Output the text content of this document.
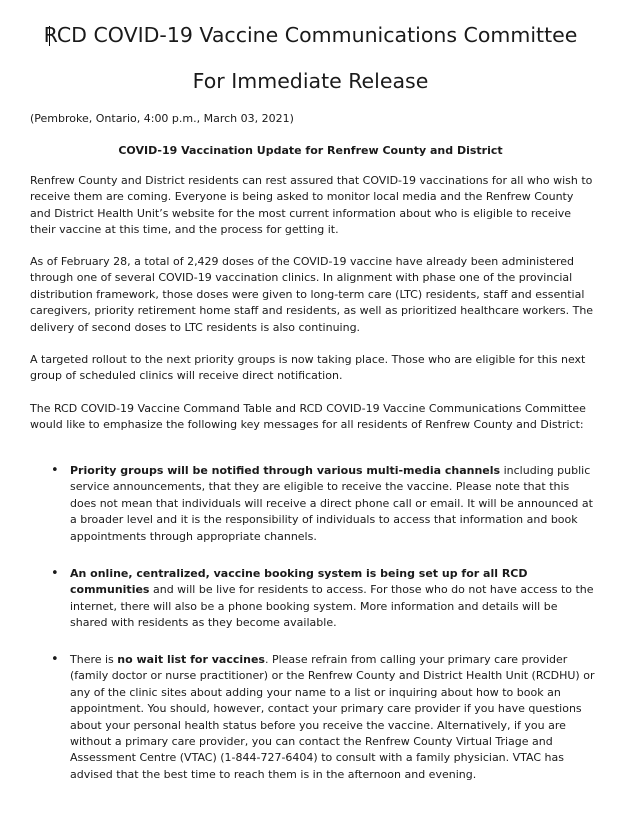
RCD COVID-19 Vaccine Communications Committee
For Immediate Release
(Pembroke, Ontario, 4:00 p.m., March 03, 2021)
COVID-19 Vaccination Update for Renfrew County and District

Renfrew County and District residents can rest assured that COVID-19 vaccinations for all who wish to receive them are coming. Everyone is being asked to monitor local media and the Renfrew County and District Health Unit’s website for the most current information about who is eligible to receive their vaccine at this time, and the process for getting it.

As of February 28, a total of 2,429 doses of the COVID-19 vaccine have already been administered through one of several COVID-19 vaccination clinics. In alignment with phase one of the provincial distribution framework, those doses were given to long-term care (LTC) residents, staff and essential caregivers, priority retirement home staff and residents, as well as prioritized healthcare workers. The delivery of second doses to LTC residents is also continuing.

A targeted rollout to the next priority groups is now taking place. Those who are eligible for this next group of scheduled clinics will receive direct notification.

The RCD COVID-19 Vaccine Command Table and RCD COVID-19 Vaccine Communications Committee would like to emphasize the following key messages for all residents of Renfrew County and District:

• Priority groups will be notified through various multi-media channels including public service announcements, that they are eligible to receive the vaccine. Please note that this does not mean that individuals will receive a direct phone call or email. It will be announced at a broader level and it is the responsibility of individuals to access that information and book appointments through appropriate channels.

• An online, centralized, vaccine booking system is being set up for all RCD communities and will be live for residents to access. For those who do not have access to the internet, there will also be a phone booking system. More information and details will be shared with residents as they become available.

• There is no wait list for vaccines. Please refrain from calling your primary care provider (family doctor or nurse practitioner) or the Renfrew County and District Health Unit (RCDHU) or any of the clinic sites about adding your name to a list or inquiring about how to book an appointment. You should, however, contact your primary care provider if you have questions about your personal health status before you receive the vaccine. Alternatively, if you are without a primary care provider, you can contact the Renfrew County Virtual Triage and Assessment Centre (VTAC) (1-844-727-6404) to consult with a family physician. VTAC has advised that the best time to reach them is in the afternoon and evening.
